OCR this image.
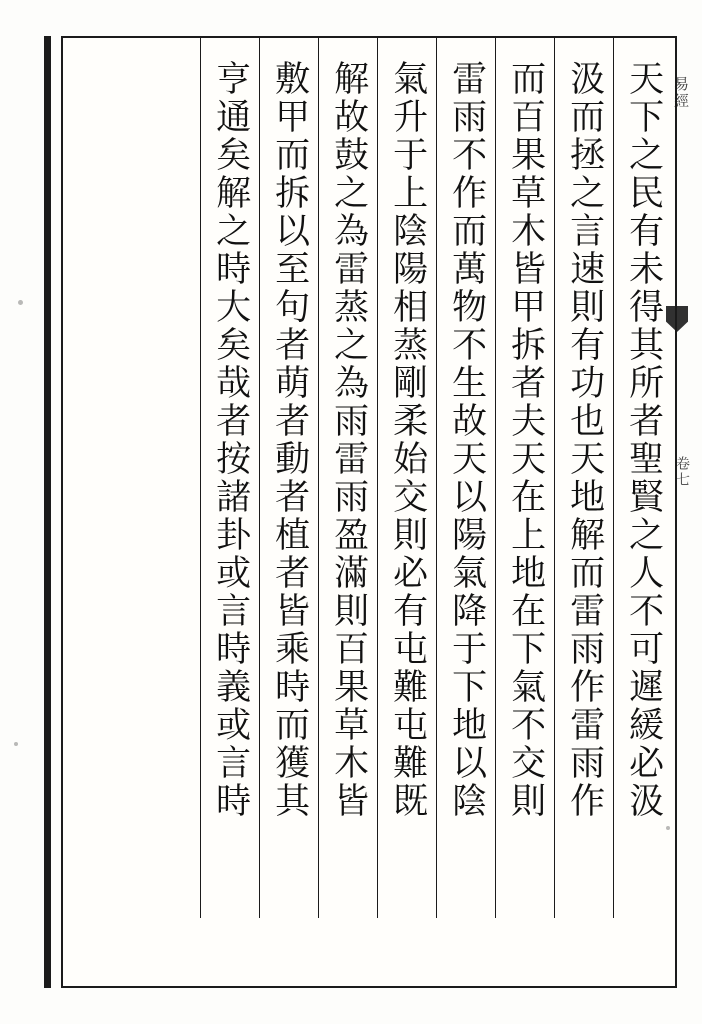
天下之民有未得其所者聖賢之人不可遲緩必汲
汲而拯之言速則有功也天地解而雷雨作雷雨作
而百果草木皆甲拆者夫天在上地在下氣不交則
雷雨不作而萬物不生故天以陽氣降于下地以陰
氣升于上陰陽相蒸剛柔始交則必有屯難屯難既
解故鼓之為雷蒸之為雨雷雨盈滿則百果草木皆
敷甲而拆以至句者萌者動者植者皆乘時而獲其
亨通矣解之時大矣哉者按諸卦或言時義或言時	易經
卷七
